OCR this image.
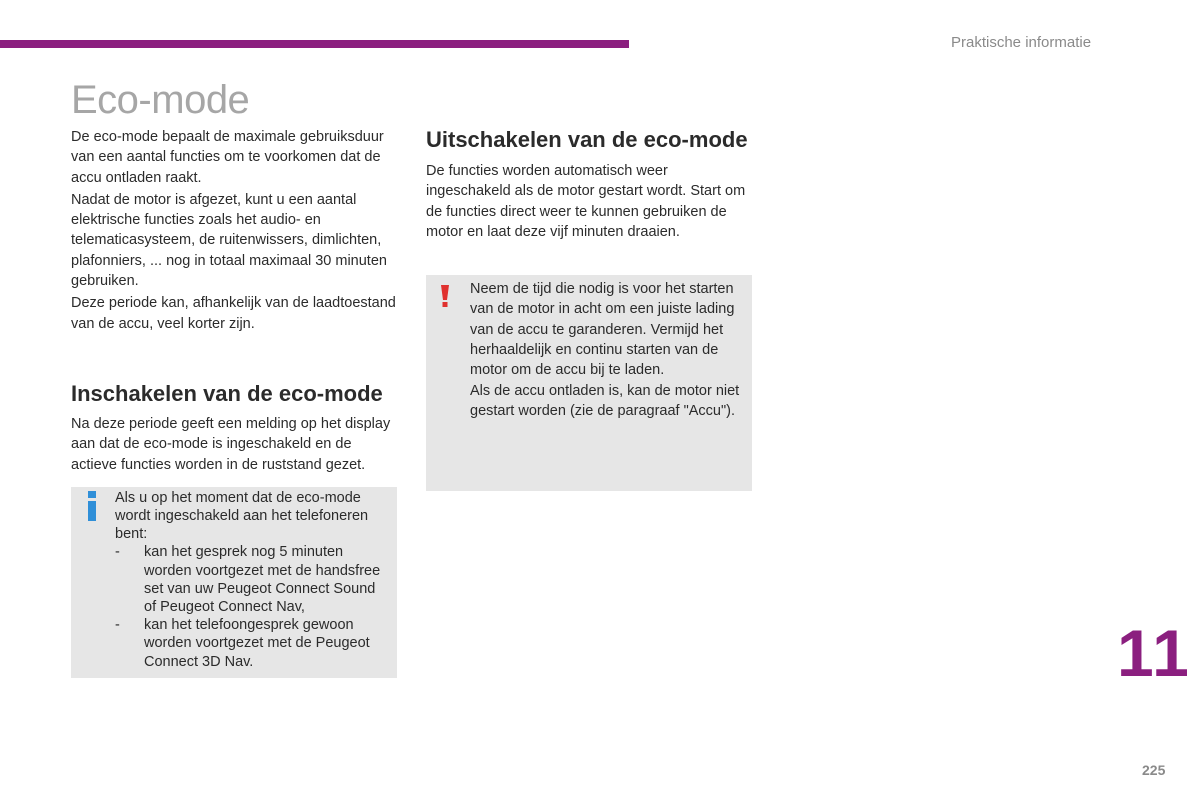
Praktische informatie
Eco-mode

De eco-mode bepaalt de maximale gebruiksduur van een aantal functies om te voorkomen dat de accu ontladen raakt.

Nadat de motor is afgezet, kunt u een aantal elektrische functies zoals het audio- en telematicasysteem, de ruitenwissers, dimlichten, plafonniers, ... nog in totaal maximaal 30 minuten gebruiken.

Deze periode kan, afhankelijk van de laadtoestand van de accu, veel korter zijn.

Inschakelen van de eco-mode

Na deze periode geeft een melding op het display aan dat de eco-mode is ingeschakeld en de actieve functies worden in de ruststand gezet.

Als u op het moment dat de eco-mode wordt ingeschakeld aan het telefoneren bent:
- kan het gesprek nog 5 minuten worden voortgezet met de handsfree set van uw Peugeot Connect Sound of Peugeot Connect Nav,
- kan het telefoongesprek gewoon worden voortgezet met de Peugeot Connect 3D Nav.
Uitschakelen van de eco-mode

De functies worden automatisch weer ingeschakeld als de motor gestart wordt. Start om de functies direct weer te kunnen gebruiken de motor en laat deze vijf minuten draaien.

Neem de tijd die nodig is voor het starten van de motor in acht om een juiste lading van de accu te garanderen. Vermijd het herhaaldelijk en continu starten van de motor om de accu bij te laden.
Als de accu ontladen is, kan de motor niet gestart worden (zie de paragraaf "Accu").
11
225
